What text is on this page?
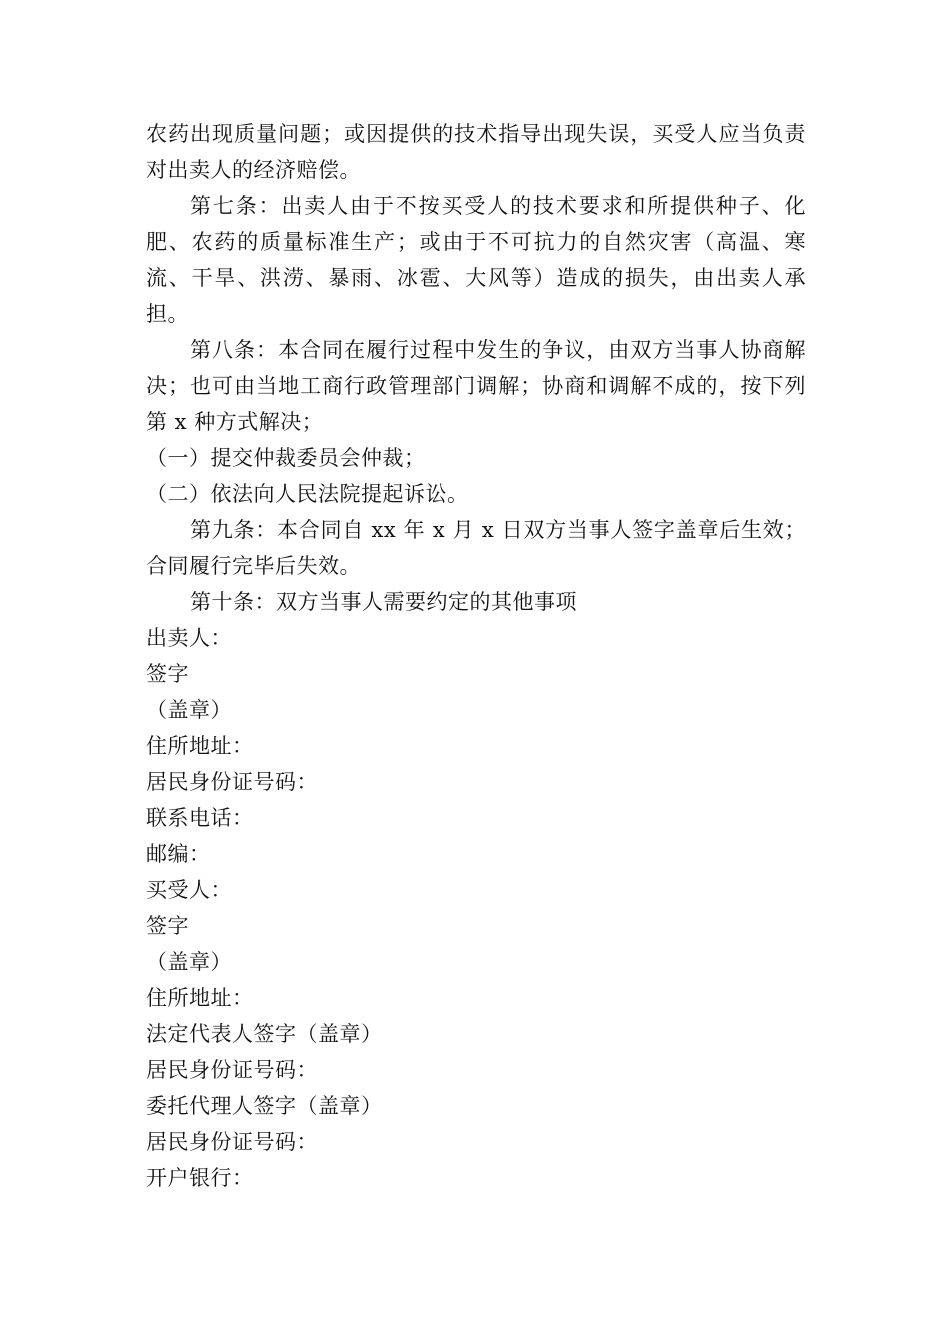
农药出现质量问题；或因提供的技术指导出现失误，买受人应当负责对出卖人的经济赔偿。

第七条：出卖人由于不按买受人的技术要求和所提供种子、化肥、农药的质量标准生产；或由于不可抗力的自然灾害（高温、寒流、干旱、洪涝、暴雨、冰雹、大风等）造成的损失，由出卖人承担。

第八条：本合同在履行过程中发生的争议，由双方当事人协商解决；也可由当地工商行政管理部门调解；协商和调解不成的，按下列第 x 种方式解决；

（一）提交仲裁委员会仲裁；

（二）依法向人民法院提起诉讼。

第九条：本合同自 xx 年 x 月 x 日双方当事人签字盖章后生效；合同履行完毕后失效。

第十条：双方当事人需要约定的其他事项

出卖人：

签字

（盖章）

住所地址：

居民身份证号码：

联系电话：

邮编：

买受人：

签字

（盖章）

住所地址：

法定代表人签字（盖章）

居民身份证号码：

委托代理人签字（盖章）

居民身份证号码：

开户银行：
